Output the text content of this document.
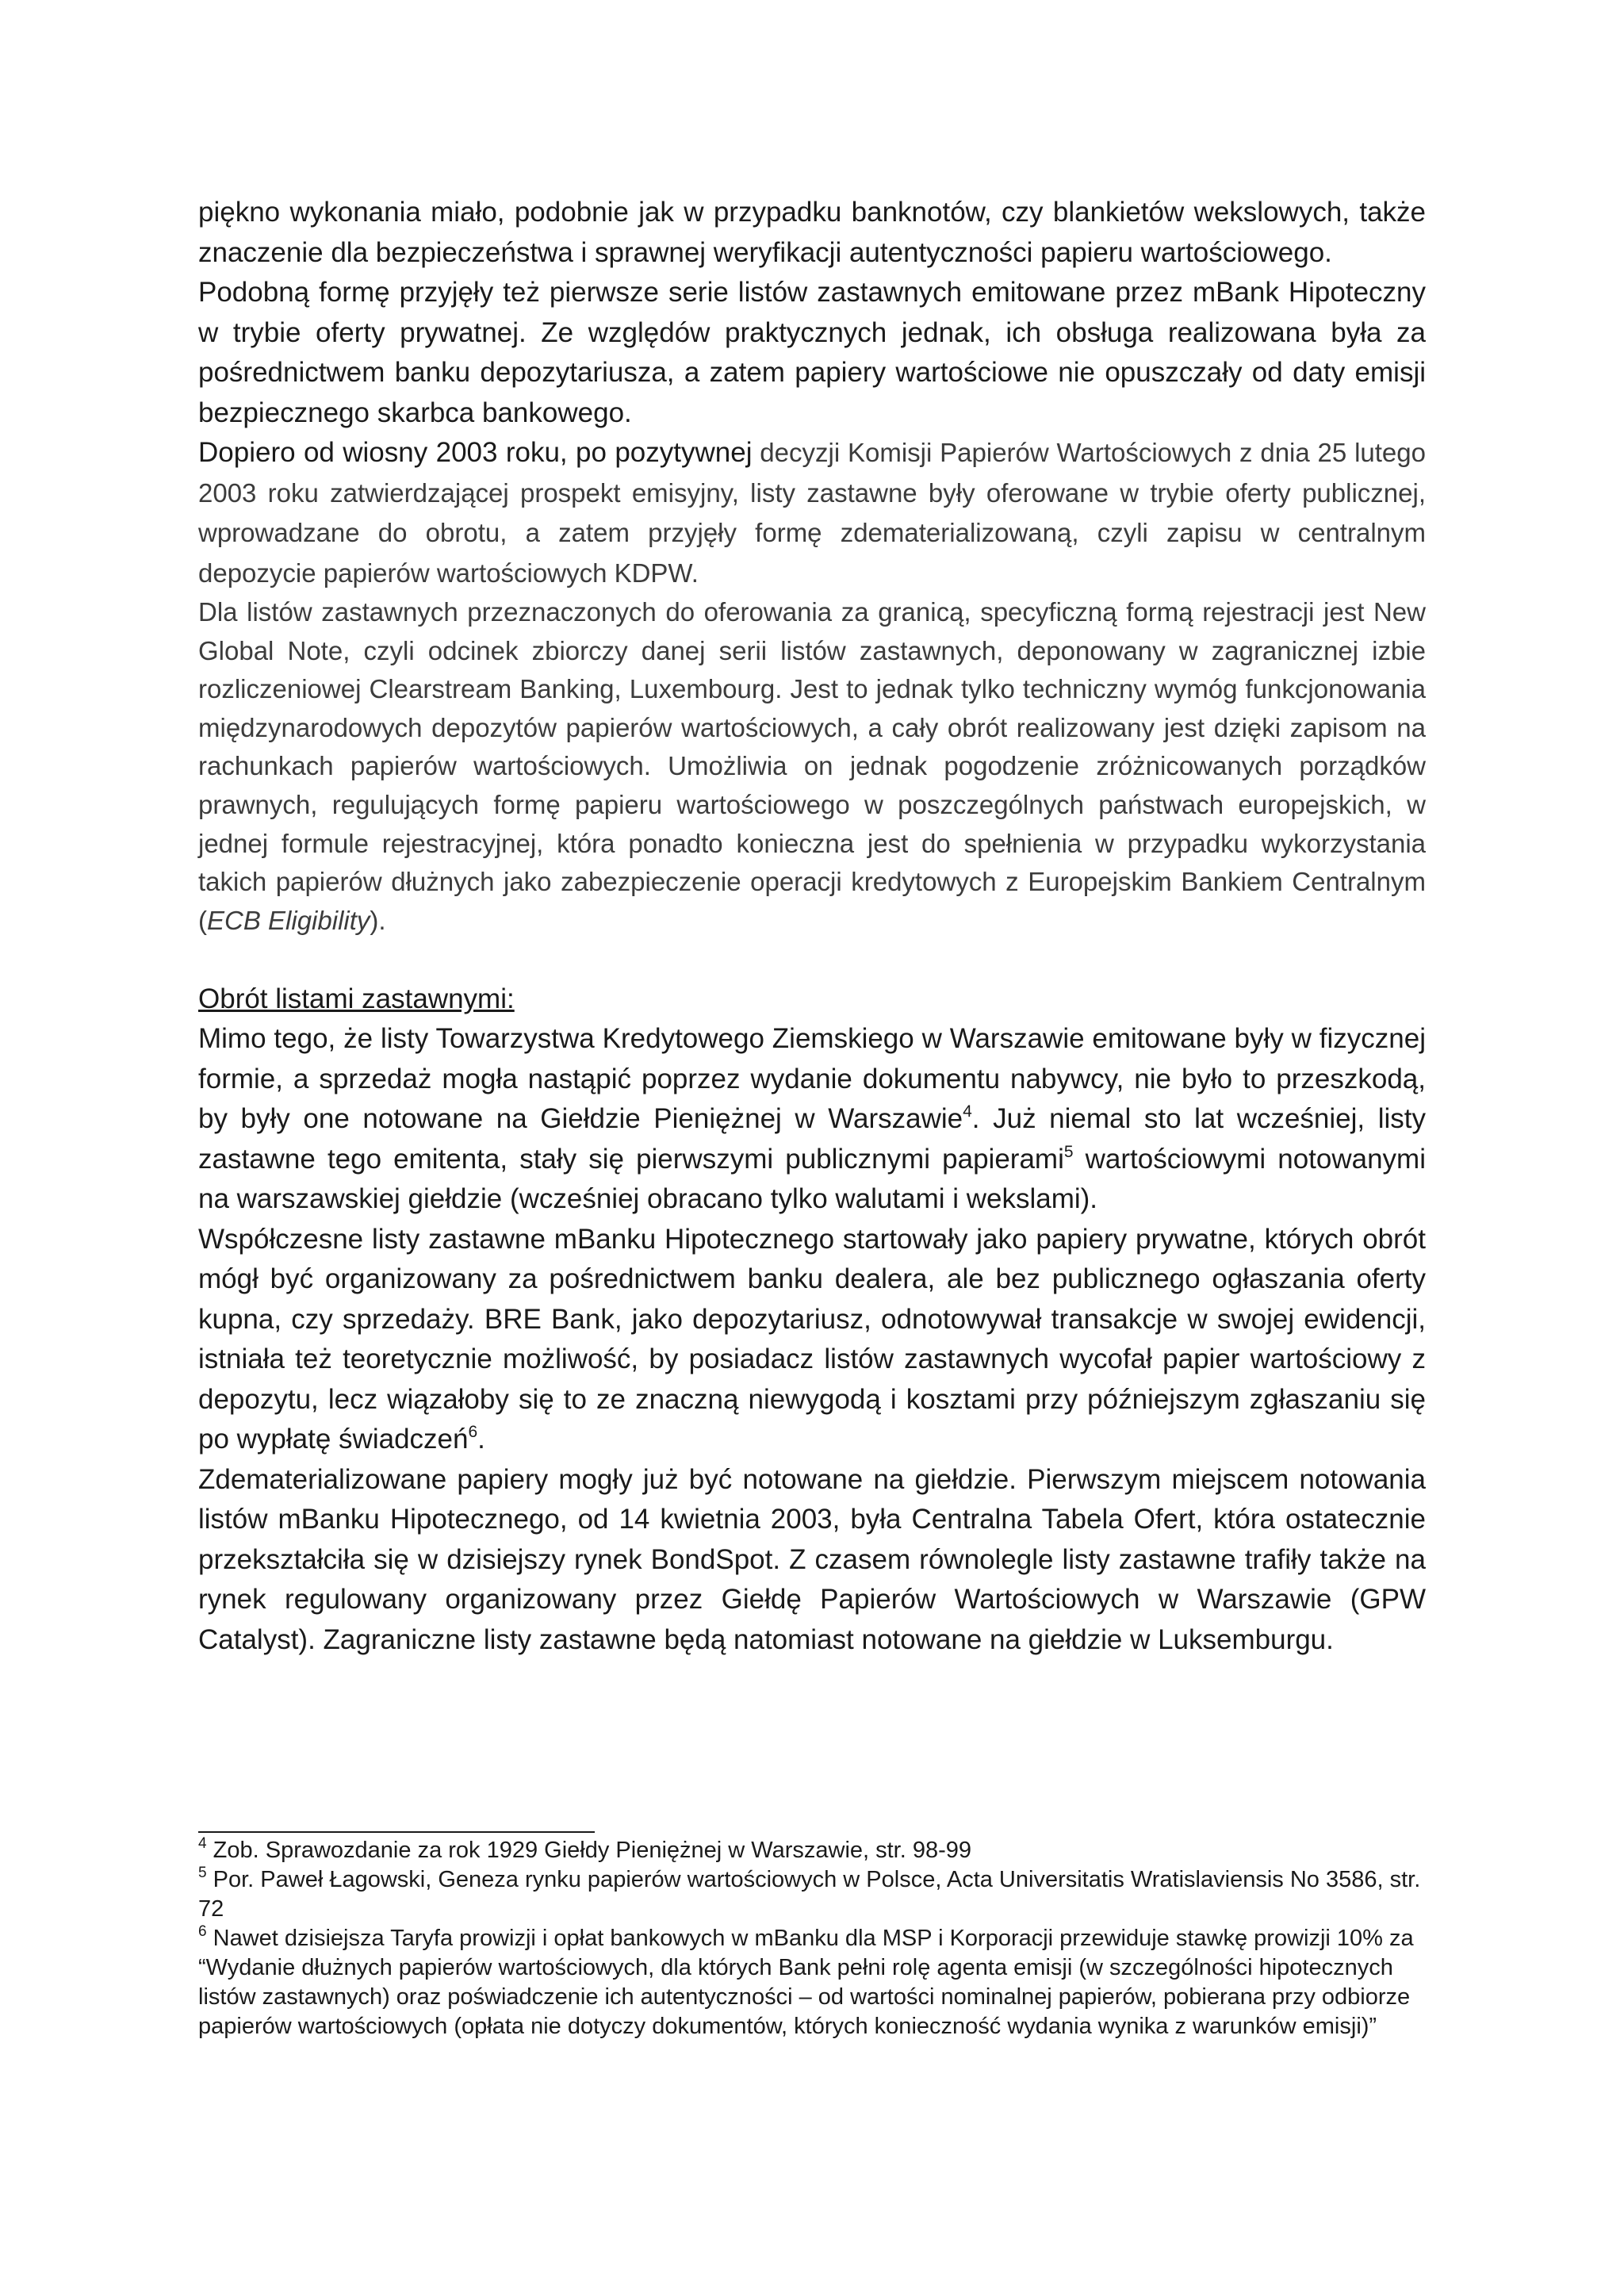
piękno wykonania miało, podobnie jak w przypadku banknotów, czy blankietów wekslowych, także znaczenie dla bezpieczeństwa i sprawnej weryfikacji autentyczności papieru wartościowego.

Podobną formę przyjęły też pierwsze serie listów zastawnych emitowane przez mBank Hipoteczny w trybie oferty prywatnej. Ze względów praktycznych jednak, ich obsługa realizowana była za pośrednictwem banku depozytariusza, a zatem papiery wartościowe nie opuszczały od daty emisji bezpiecznego skarbca bankowego.

Dopiero od wiosny 2003 roku, po pozytywnej decyzji Komisji Papierów Wartościowych z dnia 25 lutego 2003 roku zatwierdzającej prospekt emisyjny, listy zastawne były oferowane w trybie oferty publicznej, wprowadzane do obrotu, a zatem przyjęły formę zdematerializowaną, czyli zapisu w centralnym depozycie papierów wartościowych KDPW.

Dla listów zastawnych przeznaczonych do oferowania za granicą, specyficzną formą rejestracji jest New Global Note, czyli odcinek zbiorczy danej serii listów zastawnych, deponowany w zagranicznej izbie rozliczeniowej Clearstream Banking, Luxembourg. Jest to jednak tylko techniczny wymóg funkcjonowania międzynarodowych depozytów papierów wartościowych, a cały obrót realizowany jest dzięki zapisom na rachunkach papierów wartościowych. Umożliwia on jednak pogodzenie zróżnicowanych porządków prawnych, regulujących formę papieru wartościowego w poszczególnych państwach europejskich, w jednej formule rejestracyjnej, która ponadto konieczna jest do spełnienia w przypadku wykorzystania takich papierów dłużnych jako zabezpieczenie operacji kredytowych z Europejskim Bankiem Centralnym (ECB Eligibility).

Obrót listami zastawnymi:

Mimo tego, że listy Towarzystwa Kredytowego Ziemskiego w Warszawie emitowane były w fizycznej formie, a sprzedaż mogła nastąpić poprzez wydanie dokumentu nabywcy, nie było to przeszkodą, by były one notowane na Giełdzie Pieniężnej w Warszawie$^4$. Już niemal sto lat wcześniej, listy zastawne tego emitenta, stały się pierwszymi publicznymi papierami$^5$ wartościowymi notowanymi na warszawskiej giełdzie (wcześniej obracano tylko walutami i wekslami).

Współczesne listy zastawne mBanku Hipotecznego startowały jako papiery prywatne, których obrót mógł być organizowany za pośrednictwem banku dealera, ale bez publicznego ogłaszania oferty kupna, czy sprzedaży. BRE Bank, jako depozytariusz, odnotowywał transakcje w swojej ewidencji, istniała też teoretycznie możliwość, by posiadacz listów zastawnych wycofał papier wartościowy z depozytu, lecz wiązałoby się to ze znaczną niewygodą i kosztami przy późniejszym zgłaszaniu się po wypłatę świadczeń$^6$.

Zdematerializowane papiery mogły już być notowane na giełdzie. Pierwszym miejscem notowania listów mBanku Hipotecznego, od 14 kwietnia 2003, była Centralna Tabela Ofert, która ostatecznie przekształciła się w dzisiejszy rynek BondSpot. Z czasem równolegle listy zastawne trafiły także na rynek regulowany organizowany przez Giełdę Papierów Wartościowych w Warszawie (GPW Catalyst). Zagraniczne listy zastawne będą natomiast notowane na giełdzie w Luksemburgu.

$^4$ Zob. Sprawozdanie za rok 1929 Giełdy Pieniężnej w Warszawie, str. 98-99

$^5$ Por. Paweł Łagowski, Geneza rynku papierów wartościowych w Polsce, Acta Universitatis Wratislaviensis No 3586, str. 72

$^6$ Nawet dzisiejsza Taryfa prowizji i opłat bankowych w mBanku dla MSP i Korporacji przewiduje stawkę prowizji 10% za “Wydanie dłużnych papierów wartościowych, dla których Bank pełni rolę agenta emisji (w szczególności hipotecznych listów zastawnych) oraz poświadczenie ich autentyczności – od wartości nominalnej papierów, pobierana przy odbiorze papierów wartościowych (opłata nie dotyczy dokumentów, których konieczność wydania wynika z warunków emisji)”
